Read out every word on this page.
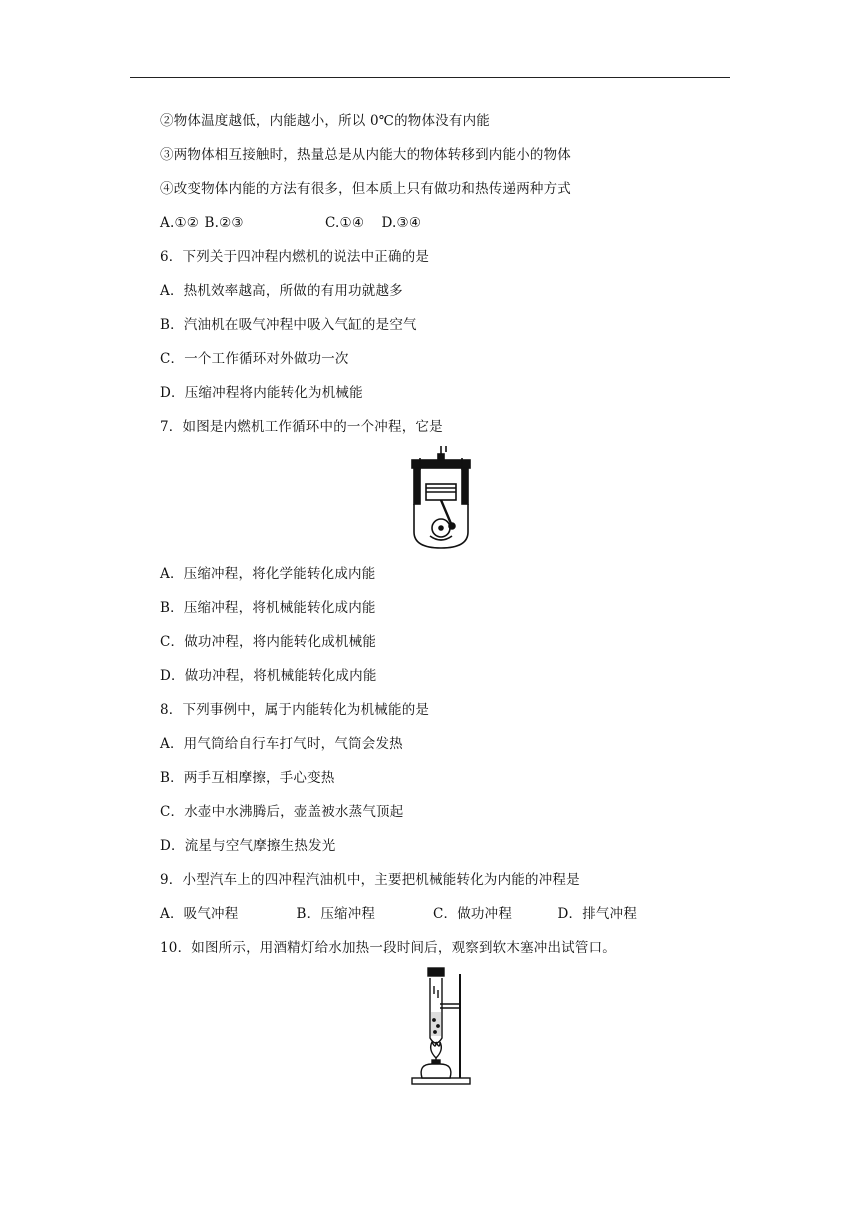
②物体温度越低，内能越小，所以 0℃的物体没有内能
③两物体相互接触时，热量总是从内能大的物体转移到内能小的物体
④改变物体内能的方法有很多，但本质上只有做功和热传递两种方式
A.①② B.②③	C.①④ D.③④
6．下列关于四冲程内燃机的说法中正确的是
A．热机效率越高，所做的有用功就越多
B．汽油机在吸气冲程中吸入气缸的是空气
C．一个工作循环对外做功一次
D．压缩冲程将内能转化为机械能
7．如图是内燃机工作循环中的一个冲程，它是
A．压缩冲程，将化学能转化成内能
B．压缩冲程，将机械能转化成内能
C．做功冲程，将内能转化成机械能
D．做功冲程，将机械能转化成内能
8．下列事例中，属于内能转化为机械能的是
A．用气筒给自行车打气时，气筒会发热
B．两手互相摩擦，手心变热
C．水壶中水沸腾后，壶盖被水蒸气顶起
D．流星与空气摩擦生热发光
9．小型汽车上的四冲程汽油机中，主要把机械能转化为内能的冲程是
A．吸气冲程	B．压缩冲程	C．做功冲程	D．排气冲程
10．如图所示，用酒精灯给水加热一段时间后，观察到软木塞冲出试管口。
